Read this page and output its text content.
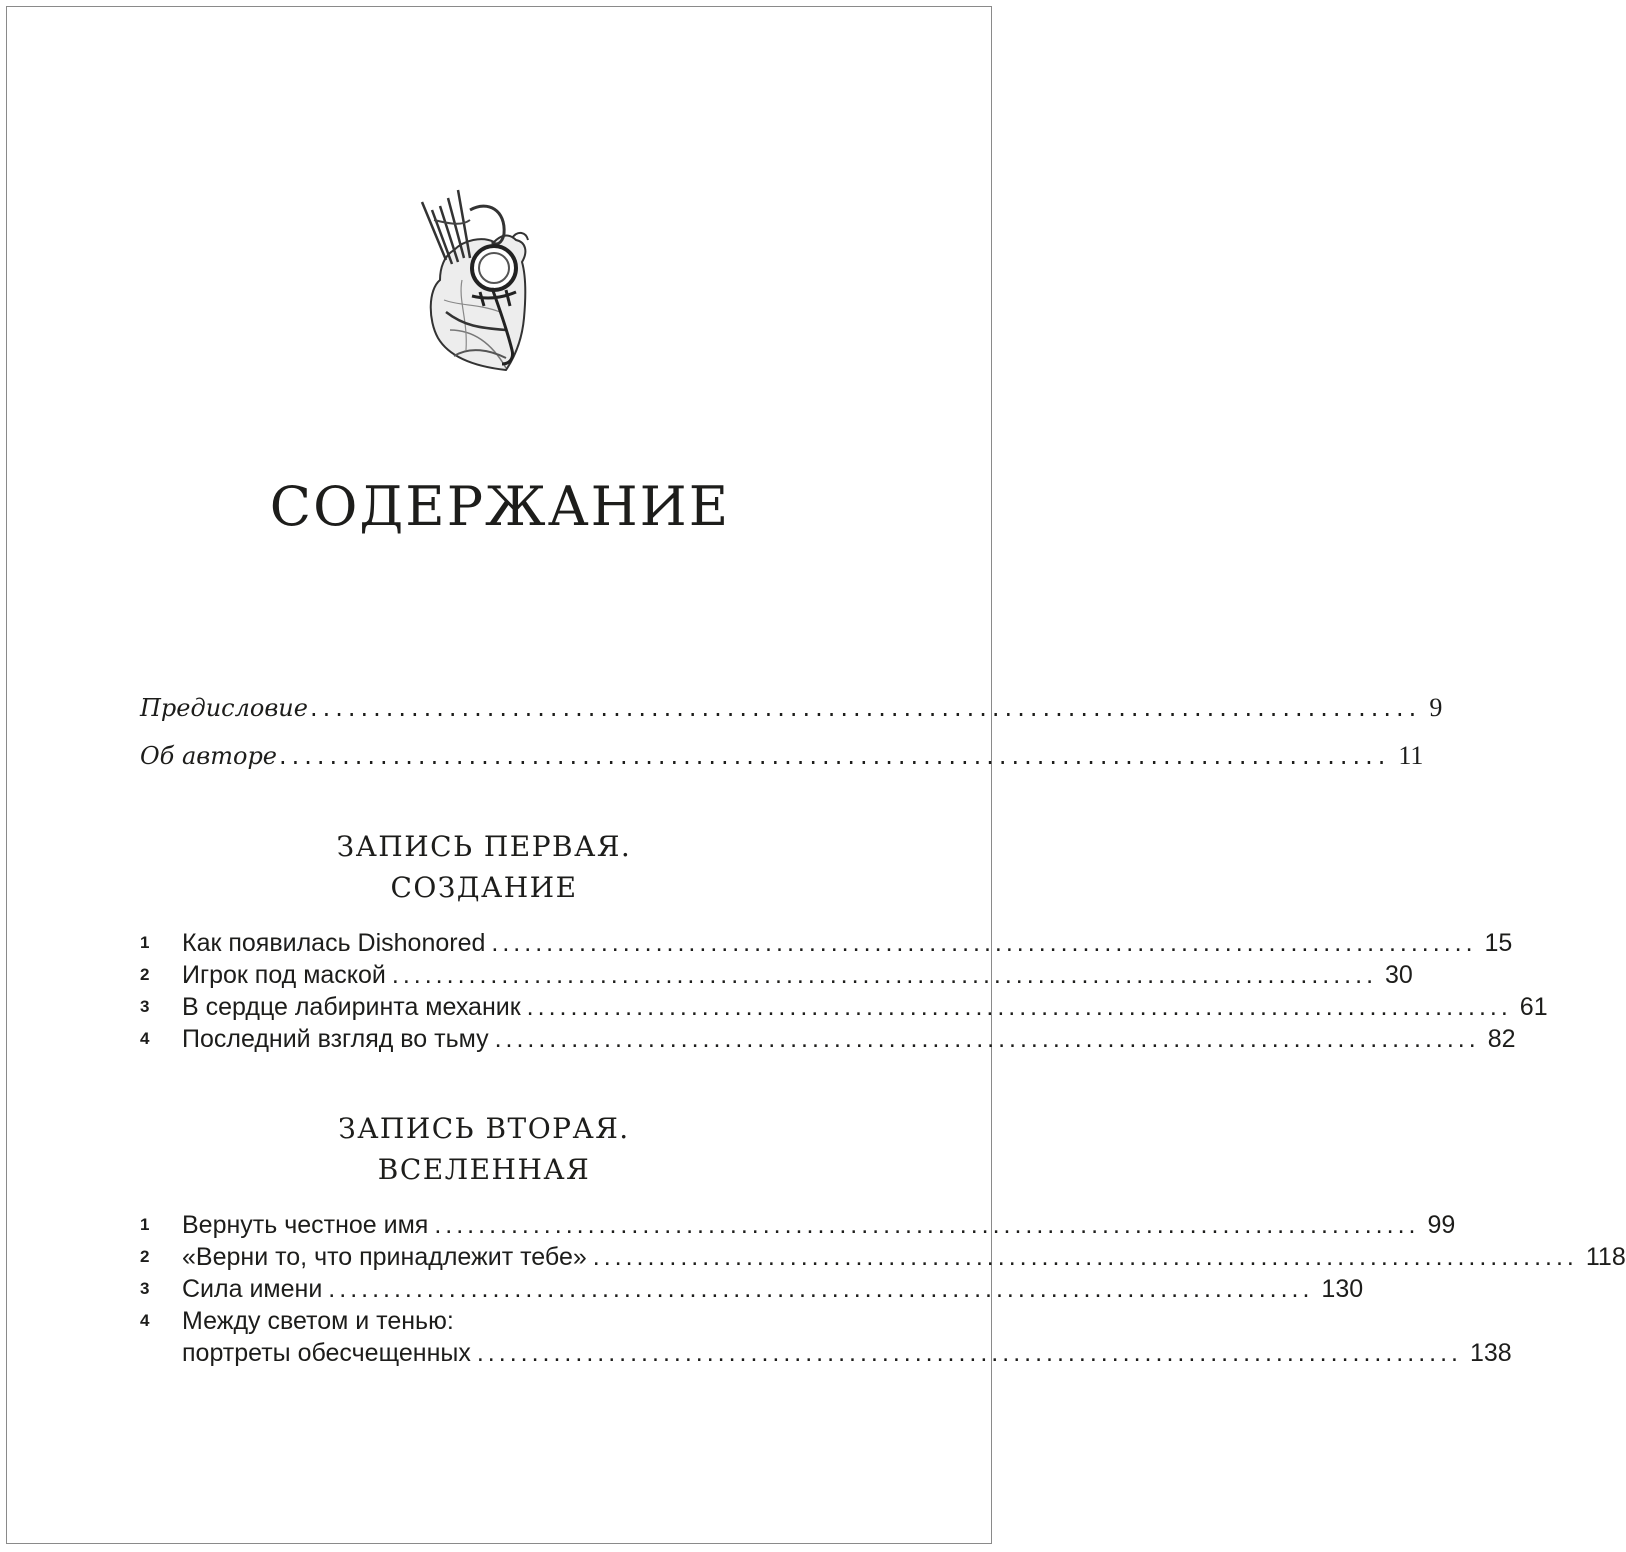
СОДЕРЖАНИЕ
Предисловие ........................................................................................ 9
Об авторе ........................................................................................ 11
ЗАПИСЬ ПЕРВАЯ.
СОЗДАНИЕ
1	Как появилась Dishonored .......................................................................................... 15
2	Игрок под маской .......................................................................................... 30
3	В сердце лабиринта механик .......................................................................................... 61
4	Последний взгляд во тьму .......................................................................................... 82
ЗАПИСЬ ВТОРАЯ.
ВСЕЛЕННАЯ
1	Вернуть честное имя .......................................................................................... 99
2	«Верни то, что принадлежит тебе» .......................................................................................... 118
3	Сила имени .......................................................................................... 130
4	Между светом и тенью:
портреты обесчещенных .......................................................................................... 138
